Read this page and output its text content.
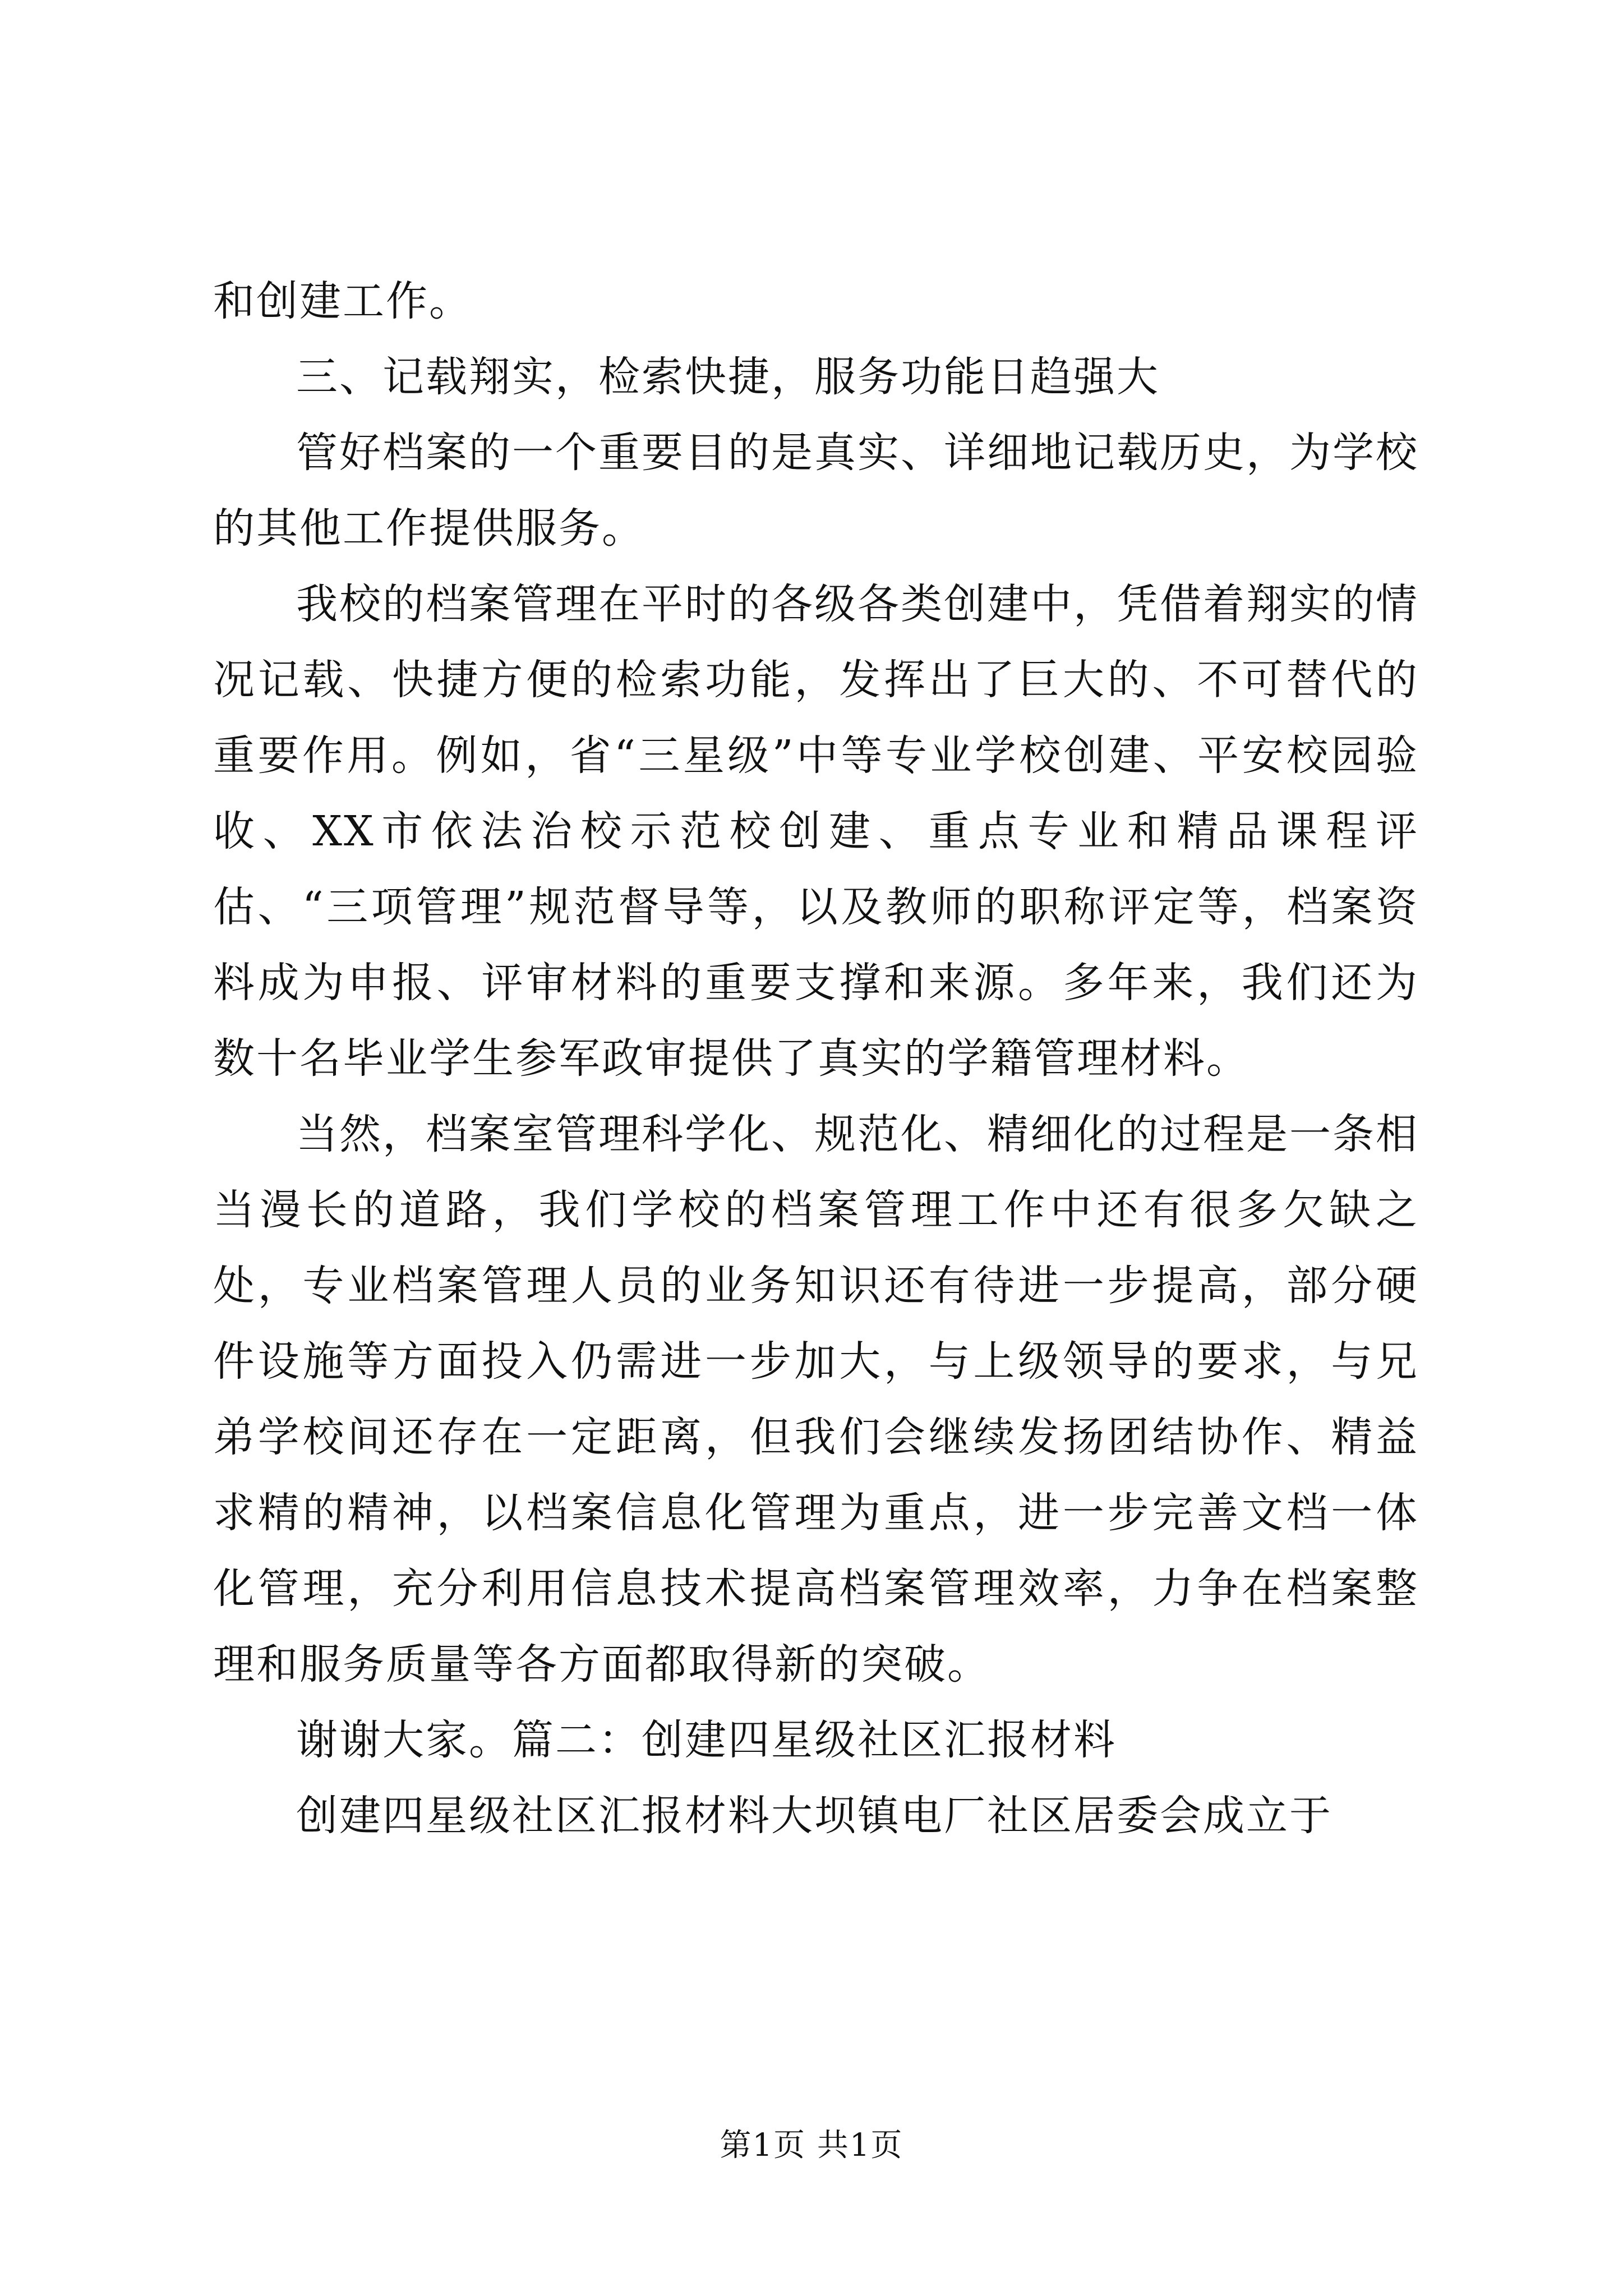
和创建工作。

三、记载翔实，检索快捷，服务功能日趋强大

管好档案的一个重要目的是真实、详细地记载历史，为学校的其他工作提供服务。

我校的档案管理在平时的各级各类创建中，凭借着翔实的情况记载、快捷方便的检索功能，发挥出了巨大的、不可替代的重要作用。例如，省“三星级”中等专业学校创建、平安校园验收、XX市依法治校示范校创建、重点专业和精品课程评估、“三项管理”规范督导等，以及教师的职称评定等，档案资料成为申报、评审材料的重要支撑和来源。多年来，我们还为数十名毕业学生参军政审提供了真实的学籍管理材料。

当然，档案室管理科学化、规范化、精细化的过程是一条相当漫长的道路，我们学校的档案管理工作中还有很多欠缺之处，专业档案管理人员的业务知识还有待进一步提高，部分硬件设施等方面投入仍需进一步加大，与上级领导的要求，与兄弟学校间还存在一定距离，但我们会继续发扬团结协作、精益求精的精神，以档案信息化管理为重点，进一步完善文档一体化管理，充分利用信息技术提高档案管理效率，力争在档案整理和服务质量等各方面都取得新的突破。

谢谢大家。篇二：创建四星级社区汇报材料

创建四星级社区汇报材料大坝镇电厂社区居委会成立于

第1页 共1页
